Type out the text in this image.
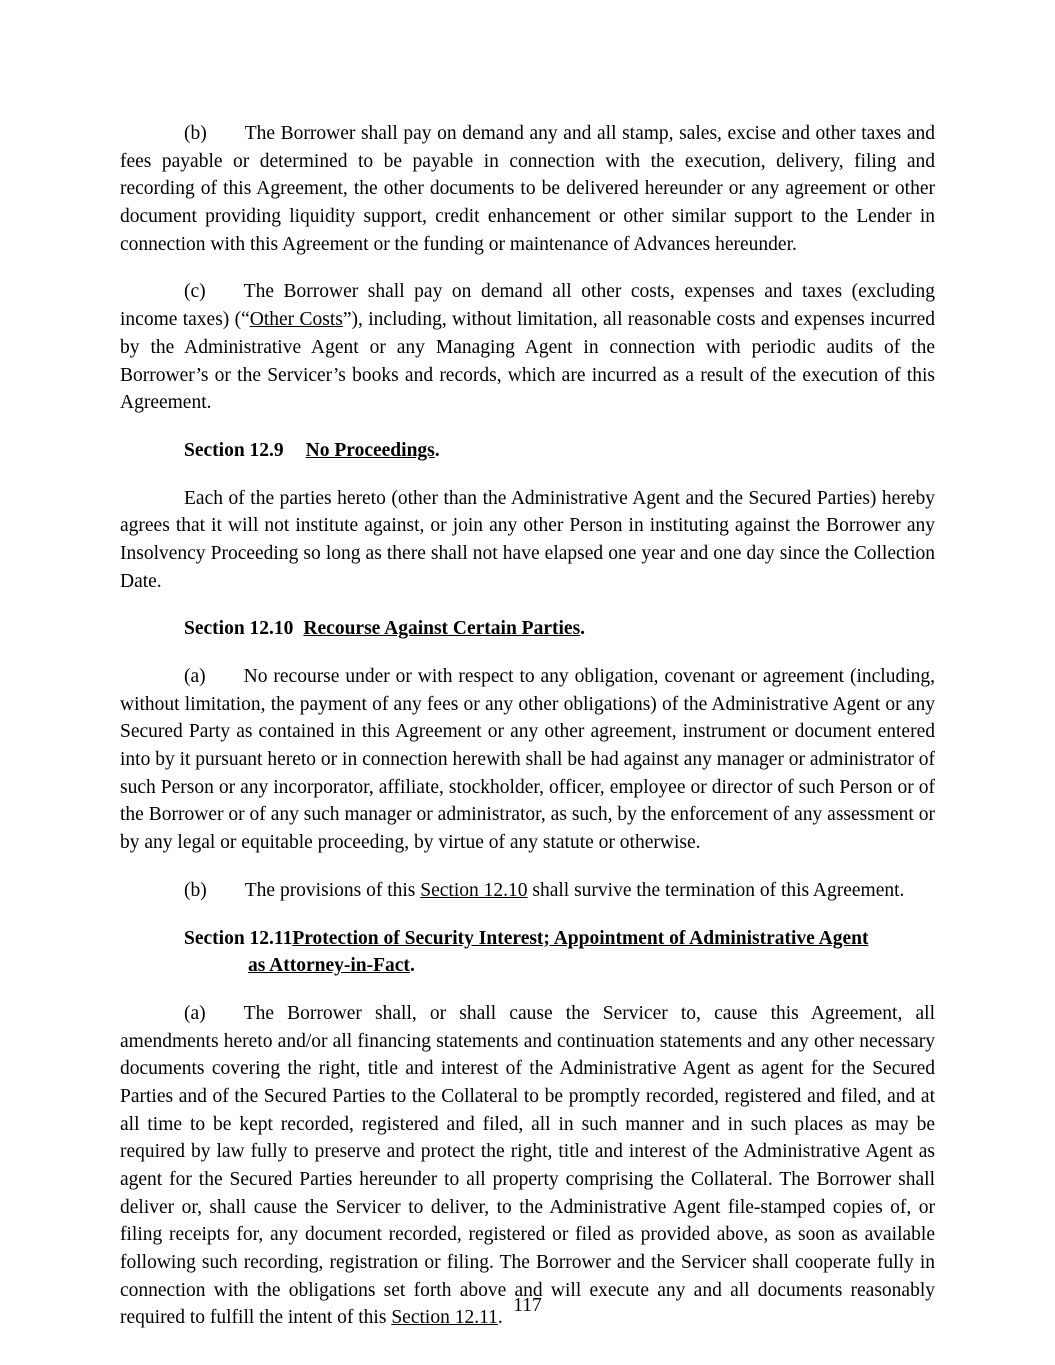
(b) The Borrower shall pay on demand any and all stamp, sales, excise and other taxes and fees payable or determined to be payable in connection with the execution, delivery, filing and recording of this Agreement, the other documents to be delivered hereunder or any agreement or other document providing liquidity support, credit enhancement or other similar support to the Lender in connection with this Agreement or the funding or maintenance of Advances hereunder.

(c) The Borrower shall pay on demand all other costs, expenses and taxes (excluding income taxes) (“Other Costs”), including, without limitation, all reasonable costs and expenses incurred by the Administrative Agent or any Managing Agent in connection with periodic audits of the Borrower’s or the Servicer’s books and records, which are incurred as a result of the execution of this Agreement.

Section 12.9 No Proceedings.

Each of the parties hereto (other than the Administrative Agent and the Secured Parties) hereby agrees that it will not institute against, or join any other Person in instituting against the Borrower any Insolvency Proceeding so long as there shall not have elapsed one year and one day since the Collection Date.

Section 12.10 Recourse Against Certain Parties.

(a) No recourse under or with respect to any obligation, covenant or agreement (including, without limitation, the payment of any fees or any other obligations) of the Administrative Agent or any Secured Party as contained in this Agreement or any other agreement, instrument or document entered into by it pursuant hereto or in connection herewith shall be had against any manager or administrator of such Person or any incorporator, affiliate, stockholder, officer, employee or director of such Person or of the Borrower or of any such manager or administrator, as such, by the enforcement of any assessment or by any legal or equitable proceeding, by virtue of any statute or otherwise.

(b) The provisions of this Section 12.10 shall survive the termination of this Agreement.

Section 12.11Protection of Security Interest; Appointment of Administrative Agent
as Attorney-in-Fact.

(a) The Borrower shall, or shall cause the Servicer to, cause this Agreement, all amendments hereto and/or all financing statements and continuation statements and any other necessary documents covering the right, title and interest of the Administrative Agent as agent for the Secured Parties and of the Secured Parties to the Collateral to be promptly recorded, registered and filed, and at all time to be kept recorded, registered and filed, all in such manner and in such places as may be required by law fully to preserve and protect the right, title and interest of the Administrative Agent as agent for the Secured Parties hereunder to all property comprising the Collateral. The Borrower shall deliver or, shall cause the Servicer to deliver, to the Administrative Agent file-stamped copies of, or filing receipts for, any document recorded, registered or filed as provided above, as soon as available following such recording, registration or filing. The Borrower and the Servicer shall cooperate fully in connection with the obligations set forth above and will execute any and all documents reasonably required to fulfill the intent of this Section 12.11.

117
